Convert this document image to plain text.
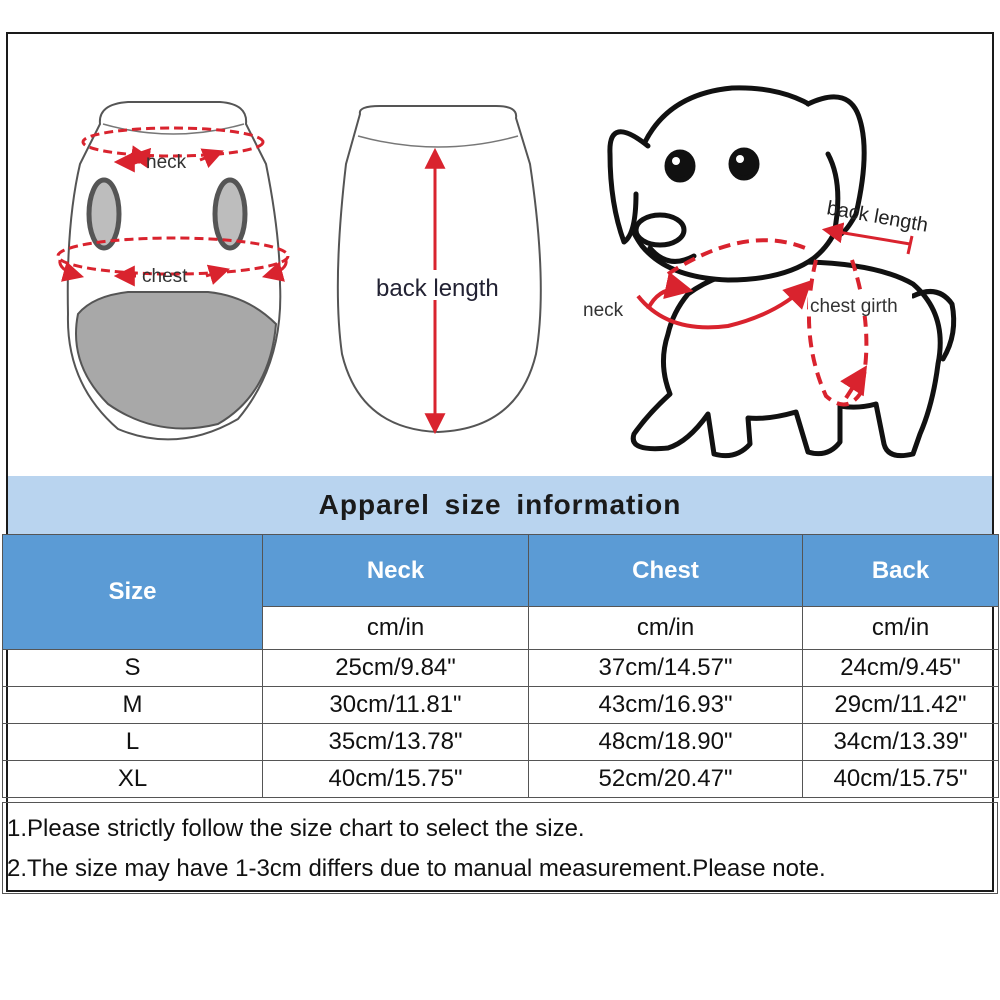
neck
chest	back length
back length
neck	chest girth
Apparel size information
Size	Neck	Chest	Back
	cm/in	cm/in	cm/in
S	25cm/9.84"	37cm/14.57"	24cm/9.45"
M	30cm/11.81"	43cm/16.93"	29cm/11.42"
L	35cm/13.78"	48cm/18.90"	34cm/13.39"
XL	40cm/15.75"	52cm/20.47"	40cm/15.75"
1.Please strictly follow the size chart to select the size.
2.The size may have 1-3cm differs due to manual measurement.Please note.
